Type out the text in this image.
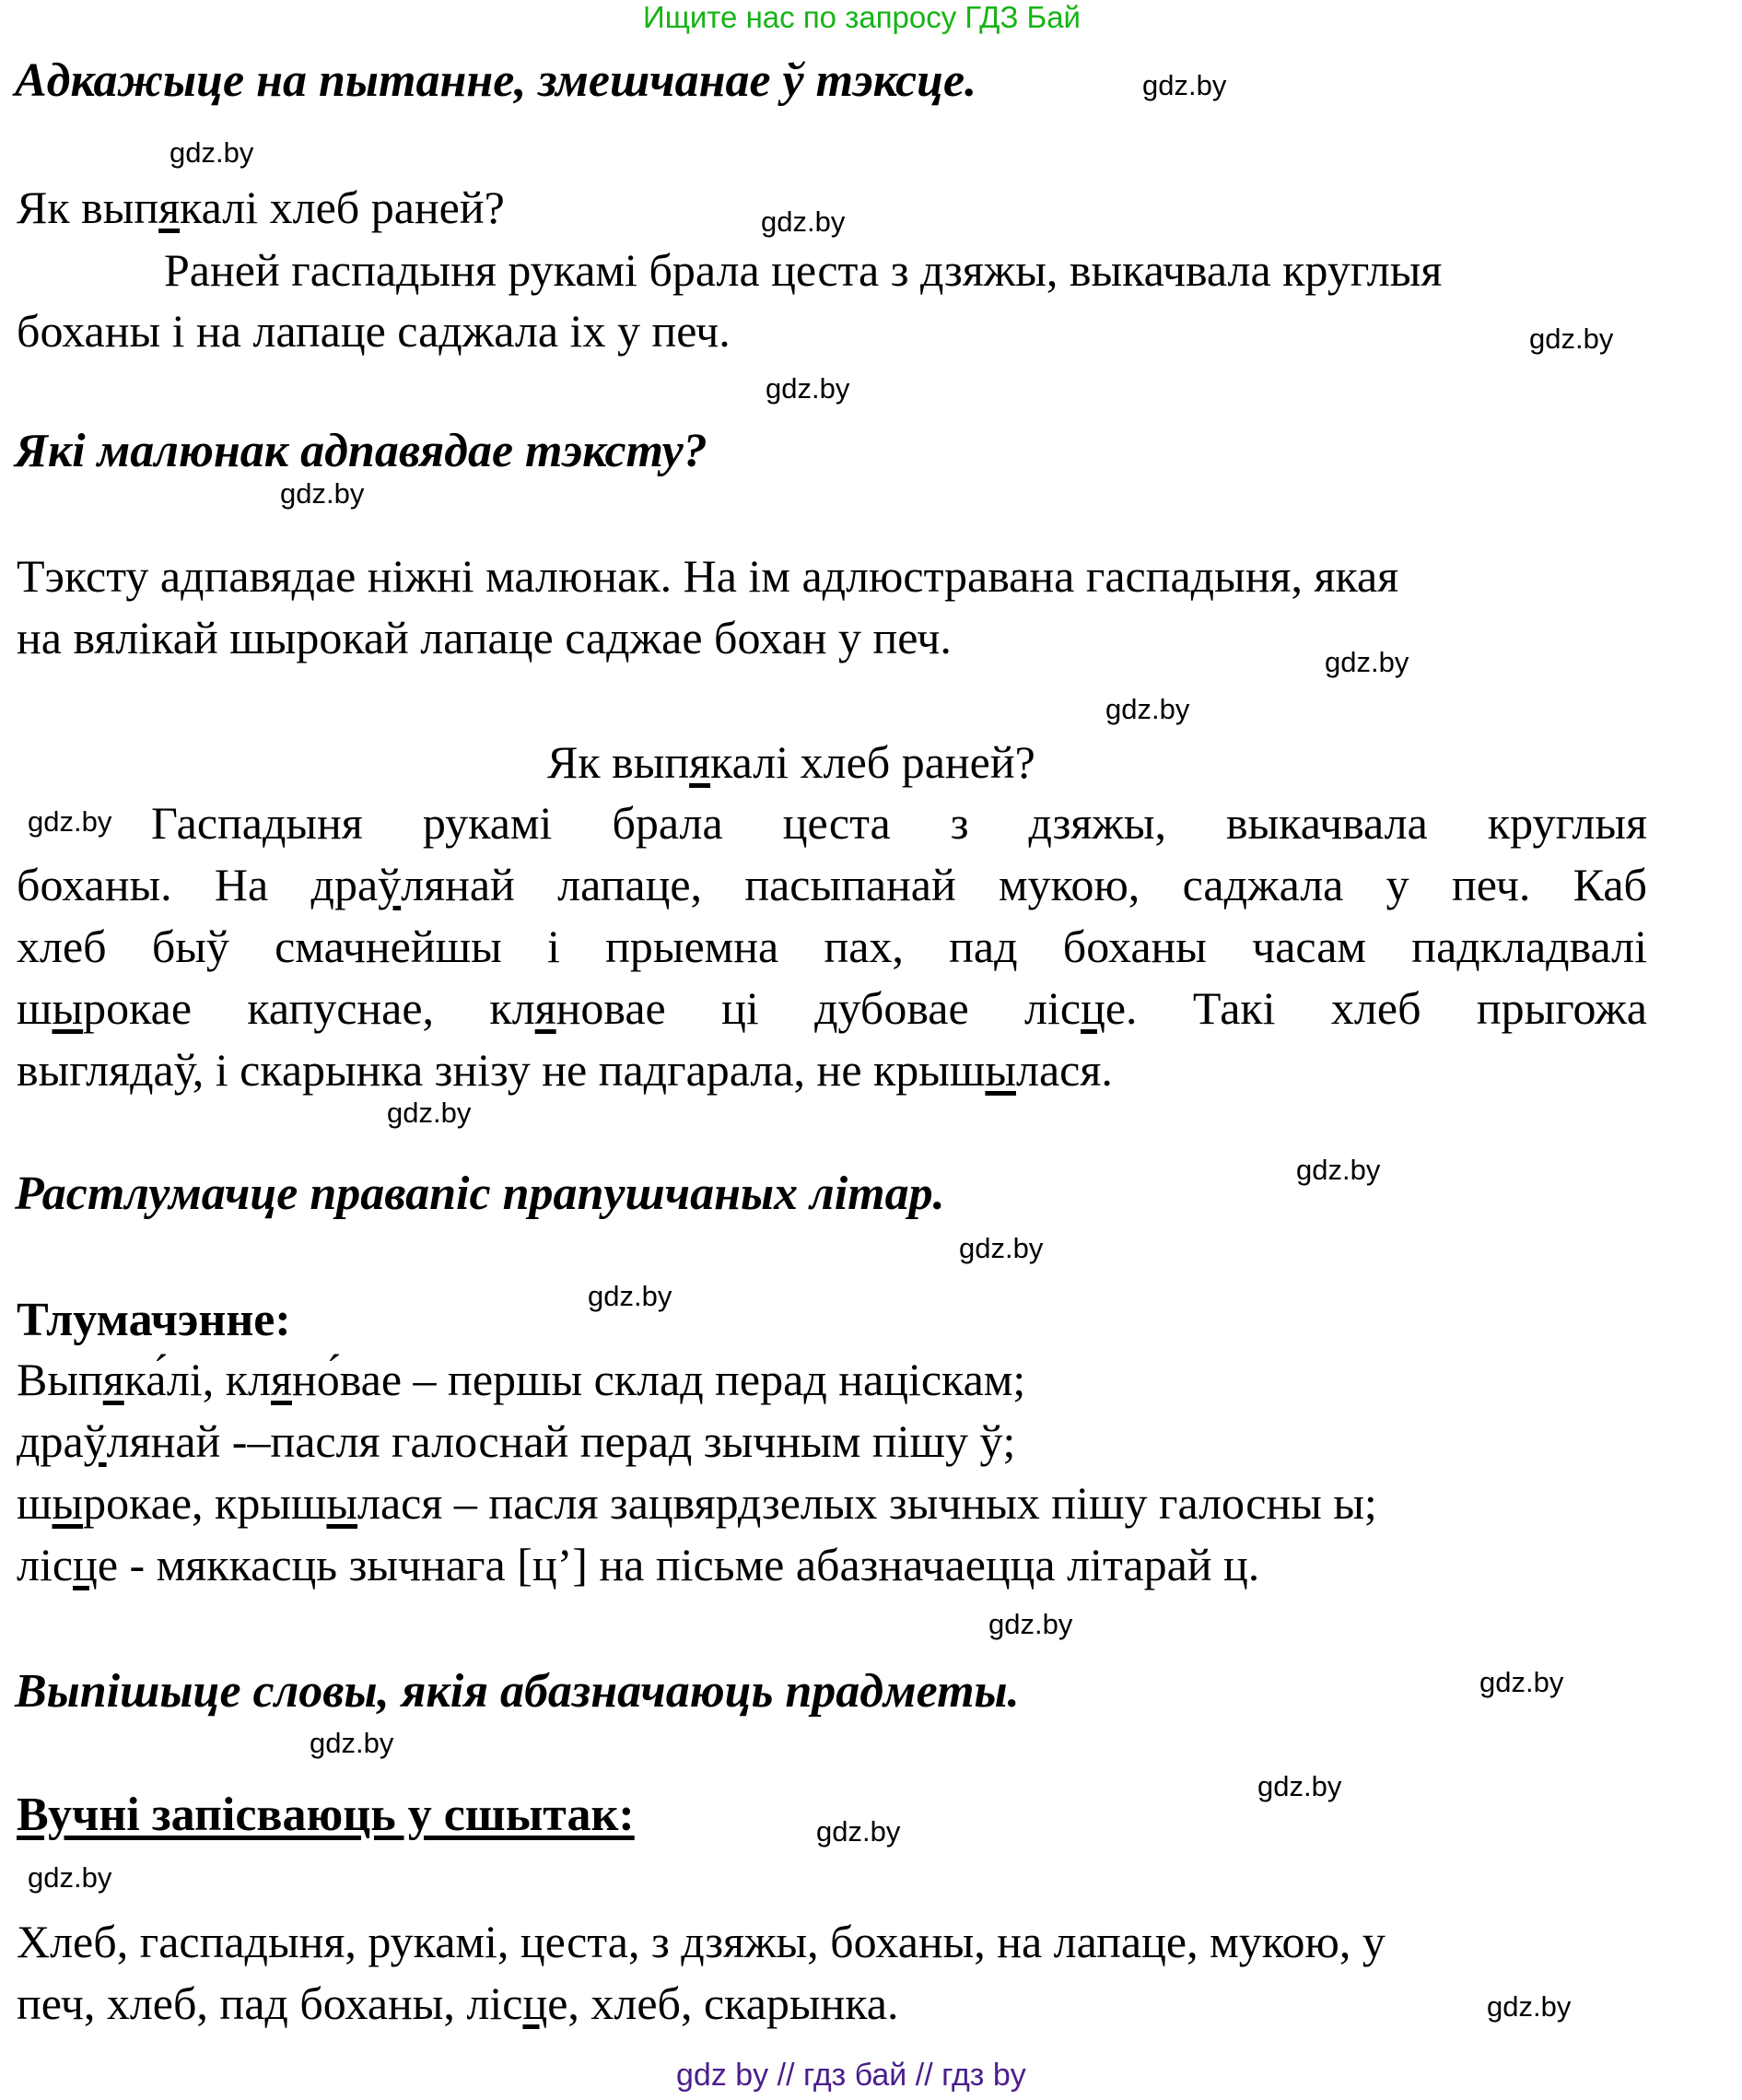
Ищите нас по запросу ГДЗ Бай
Адкажыце на пытанне, змешчанае ў тэксце.
Як выпякалі хлеб раней?
Раней гаспадыня рукамі брала цеста з дзяжы, выкачвала круглыя
боханы і на лапаце саджала іх у печ.
Які малюнак адпавядае тэксту?
Тэксту адпавядае ніжні малюнак. На ім адлюстравана гаспадыня, якая
на вялікай шырокай лапаце саджае бохан у печ.
Як выпякалі хлеб раней?
Гаспадыня рукамі брала цеста з дзяжы, выкачвала круглыя
боханы. На драўлянай лапаце, пасыпанай мукою, саджала у печ. Каб
хлеб быў смачнейшы і прыемна пах, пад боханы часам падкладвалі
шырокае капуснае, кляновае ці дубовае лісце. Такі хлеб прыгожа
выглядаў, і скарынка знізу не падгарала, не крышылася.
Растлумачце правапіс прапушчаных літар.
Тлумачэнне:
Выпяка́лі, кляно́вае – першы склад перад націскам;
драўлянай -–пасля галоснай перад зычным пішу ў;
шырокае, крышылася – пасля зацвярдзелых зычных пішу галосны ы;
лісце - мяккасць зычнага [ц’] на пісьме абазначаецца літарай ц.
Выпішыце словы, якія абазначаюць прадметы.
Вучні запісваюць у сшытак:
Хлеб, гаспадыня, рукамі, цеста, з дзяжы, боханы, на лапаце, мукою, у
печ, хлеб, пад боханы, лісце, хлеб, скарынка.
gdz.by
gdz.by
gdz.by
gdz.by
gdz.by
gdz.by
gdz.by
gdz.by
gdz.by
gdz.by
gdz.by
gdz.by
gdz.by
gdz.by
gdz.by
gdz.by
gdz.by
gdz.by
gdz.by
gdz.by
gdz by // гдз бай // гдз by
